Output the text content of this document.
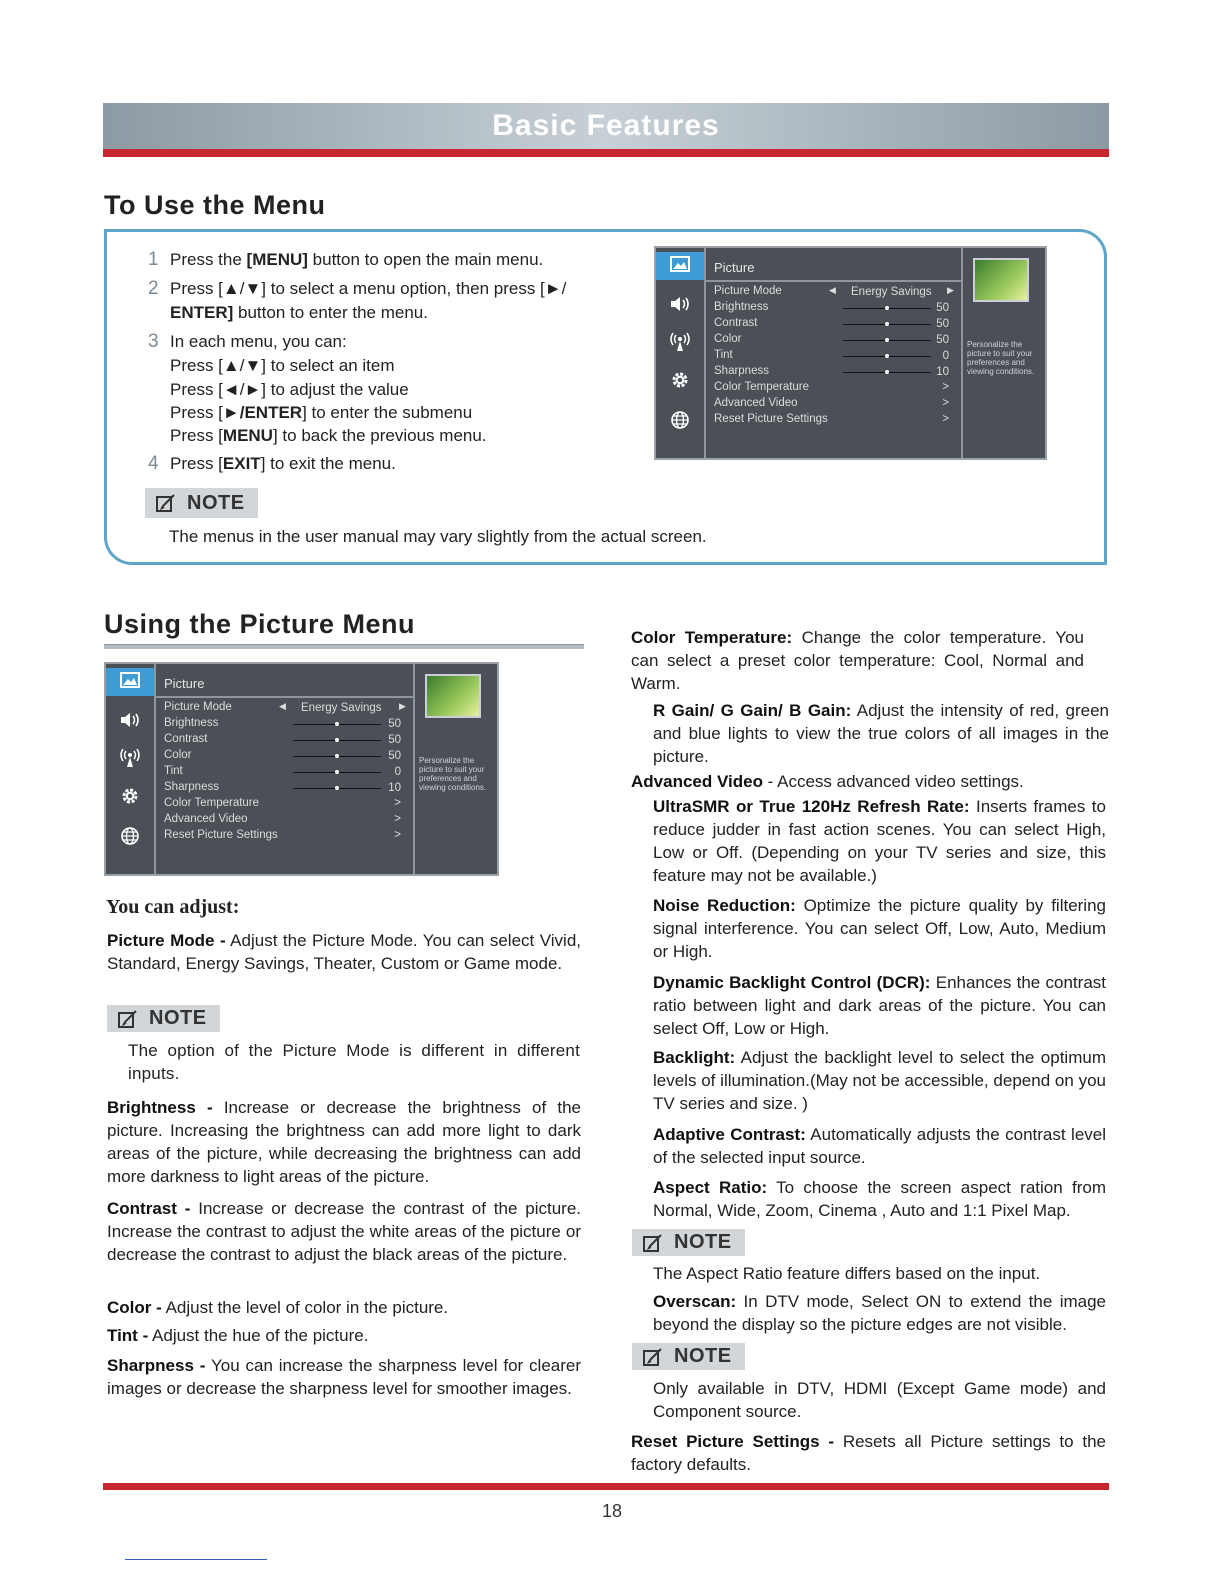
Basic Features
To Use the Menu
1 Press the [MENU] button to open the main menu.
2 Press [▲/▼] to select a menu option, then press [►/
ENTER] button to enter the menu.
3 In each menu, you can:
Press [▲/▼] to select an item
Press [◄/►] to adjust the value
Press [►/ENTER] to enter the submenu
Press [MENU] to back the previous menu.
4 Press [EXIT] to exit the menu.
NOTE
The menus in the user manual may vary slightly from the actual screen.
Picture
Picture Mode
Brightness
Contrast
Color
Tint
Sharpness
Color Temperature
Advanced Video
Reset Picture Settings
◀ Energy Savings ▶
50
50
50
0
10
>
>
>
Personalize the picture to suit your preferences and viewing conditions.
Using the Picture Menu
Picture
Picture Mode
Brightness
Contrast
Color
Tint
Sharpness
Color Temperature
Advanced Video
Reset Picture Settings
◀ Energy Savings ▶
50
50
50
0
10
>
>
>
Personalize the picture to suit your preferences and viewing conditions.
You can adjust:
Picture Mode - Adjust the Picture Mode. You can select Vivid, Standard, Energy Savings, Theater, Custom or Game mode.
NOTE
The option of the Picture Mode is different in different inputs.
Brightness - Increase or decrease the brightness of the picture. Increasing the brightness can add more light to dark areas of the picture, while decreasing the brightness can add more darkness to light areas of the picture.
Contrast - Increase or decrease the contrast of the picture. Increase the contrast to adjust the white areas of the picture or decrease the contrast to adjust the black areas of the picture.
Color - Adjust the level of color in the picture.
Tint - Adjust the hue of the picture.
Sharpness - You can increase the sharpness level for clearer images or decrease the sharpness level for smoother images.
Color Temperature: Change the color temperature. You can select a preset color temperature: Cool, Normal and Warm.
R Gain/ G Gain/ B Gain: Adjust the intensity of red, green and blue lights to view the true colors of all images in the picture.
Advanced Video - Access advanced video settings.
UltraSMR or True 120Hz Refresh Rate: Inserts frames to reduce judder in fast action scenes. You can select High, Low or Off. (Depending on your TV series and size, this feature may not be available.)
Noise Reduction: Optimize the picture quality by filtering signal interference. You can select Off, Low, Auto, Medium or High.
Dynamic Backlight Control (DCR): Enhances the contrast ratio between light and dark areas of the picture. You can select Off, Low or High.
Backlight: Adjust the backlight level to select the optimum levels of illumination.(May not be accessible, depend on you TV series and size. )
Adaptive Contrast: Automatically adjusts the contrast level of the selected input source.
Aspect Ratio: To choose the screen aspect ration from Normal, Wide, Zoom, Cinema , Auto and 1:1 Pixel Map.
NOTE
The Aspect Ratio feature differs based on the input.
Overscan: In DTV mode, Select ON to extend the image beyond the display so the picture edges are not visible.
NOTE
Only available in DTV, HDMI (Except Game mode) and Component source.
Reset Picture Settings - Resets all Picture settings to the factory defaults.
18
